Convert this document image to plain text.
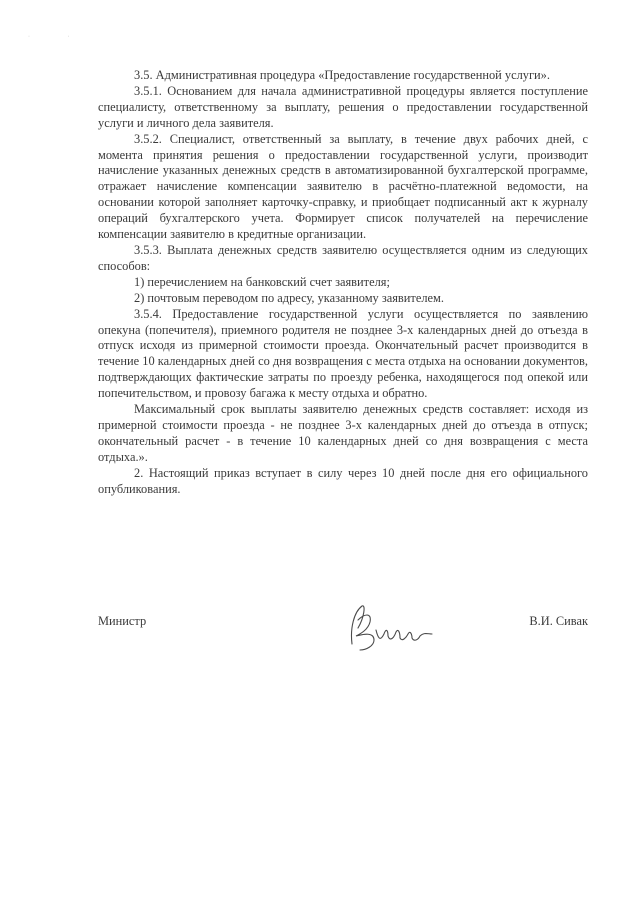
· ·

3.5. Административная процедура «Предоставление государственной услуги».

3.5.1. Основанием для начала административной процедуры является поступление специалисту, ответственному за выплату, решения о предоставлении государственной услуги и личного дела заявителя.

3.5.2. Специалист, ответственный за выплату, в течение двух рабочих дней, с момента принятия решения о предоставлении государственной услуги, производит начисление указанных денежных средств в автоматизированной бухгалтерской программе, отражает начисление компенсации заявителю в расчётно-платежной ведомости, на основании которой заполняет карточку-справку, и приобщает подписанный акт к журналу операций бухгалтерского учета. Формирует список получателей на перечисление компенсации заявителю в кредитные организации.

3.5.3. Выплата денежных средств заявителю осуществляется одним из следующих способов:

1) перечислением на банковский счет заявителя;

2) почтовым переводом по адресу, указанному заявителем.

3.5.4. Предоставление государственной услуги осуществляется по заявлению опекуна (попечителя), приемного родителя не позднее 3-х календарных дней до отъезда в отпуск исходя из примерной стоимости проезда. Окончательный расчет производится в течение 10 календарных дней со дня возвращения с места отдыха на основании документов, подтверждающих фактические затраты по проезду ребенка, находящегося под опекой или попечительством, и провозу багажа к месту отдыха и обратно.

Максимальный срок выплаты заявителю денежных средств составляет: исходя из примерной стоимости проезда - не позднее 3-х календарных дней до отъезда в отпуск; окончательный расчет - в течение 10 календарных дней со дня возвращения с места отдыха.».

2. Настоящий приказ вступает в силу через 10 дней после дня его официального опубликования.

Министр	В.И. Сивак
